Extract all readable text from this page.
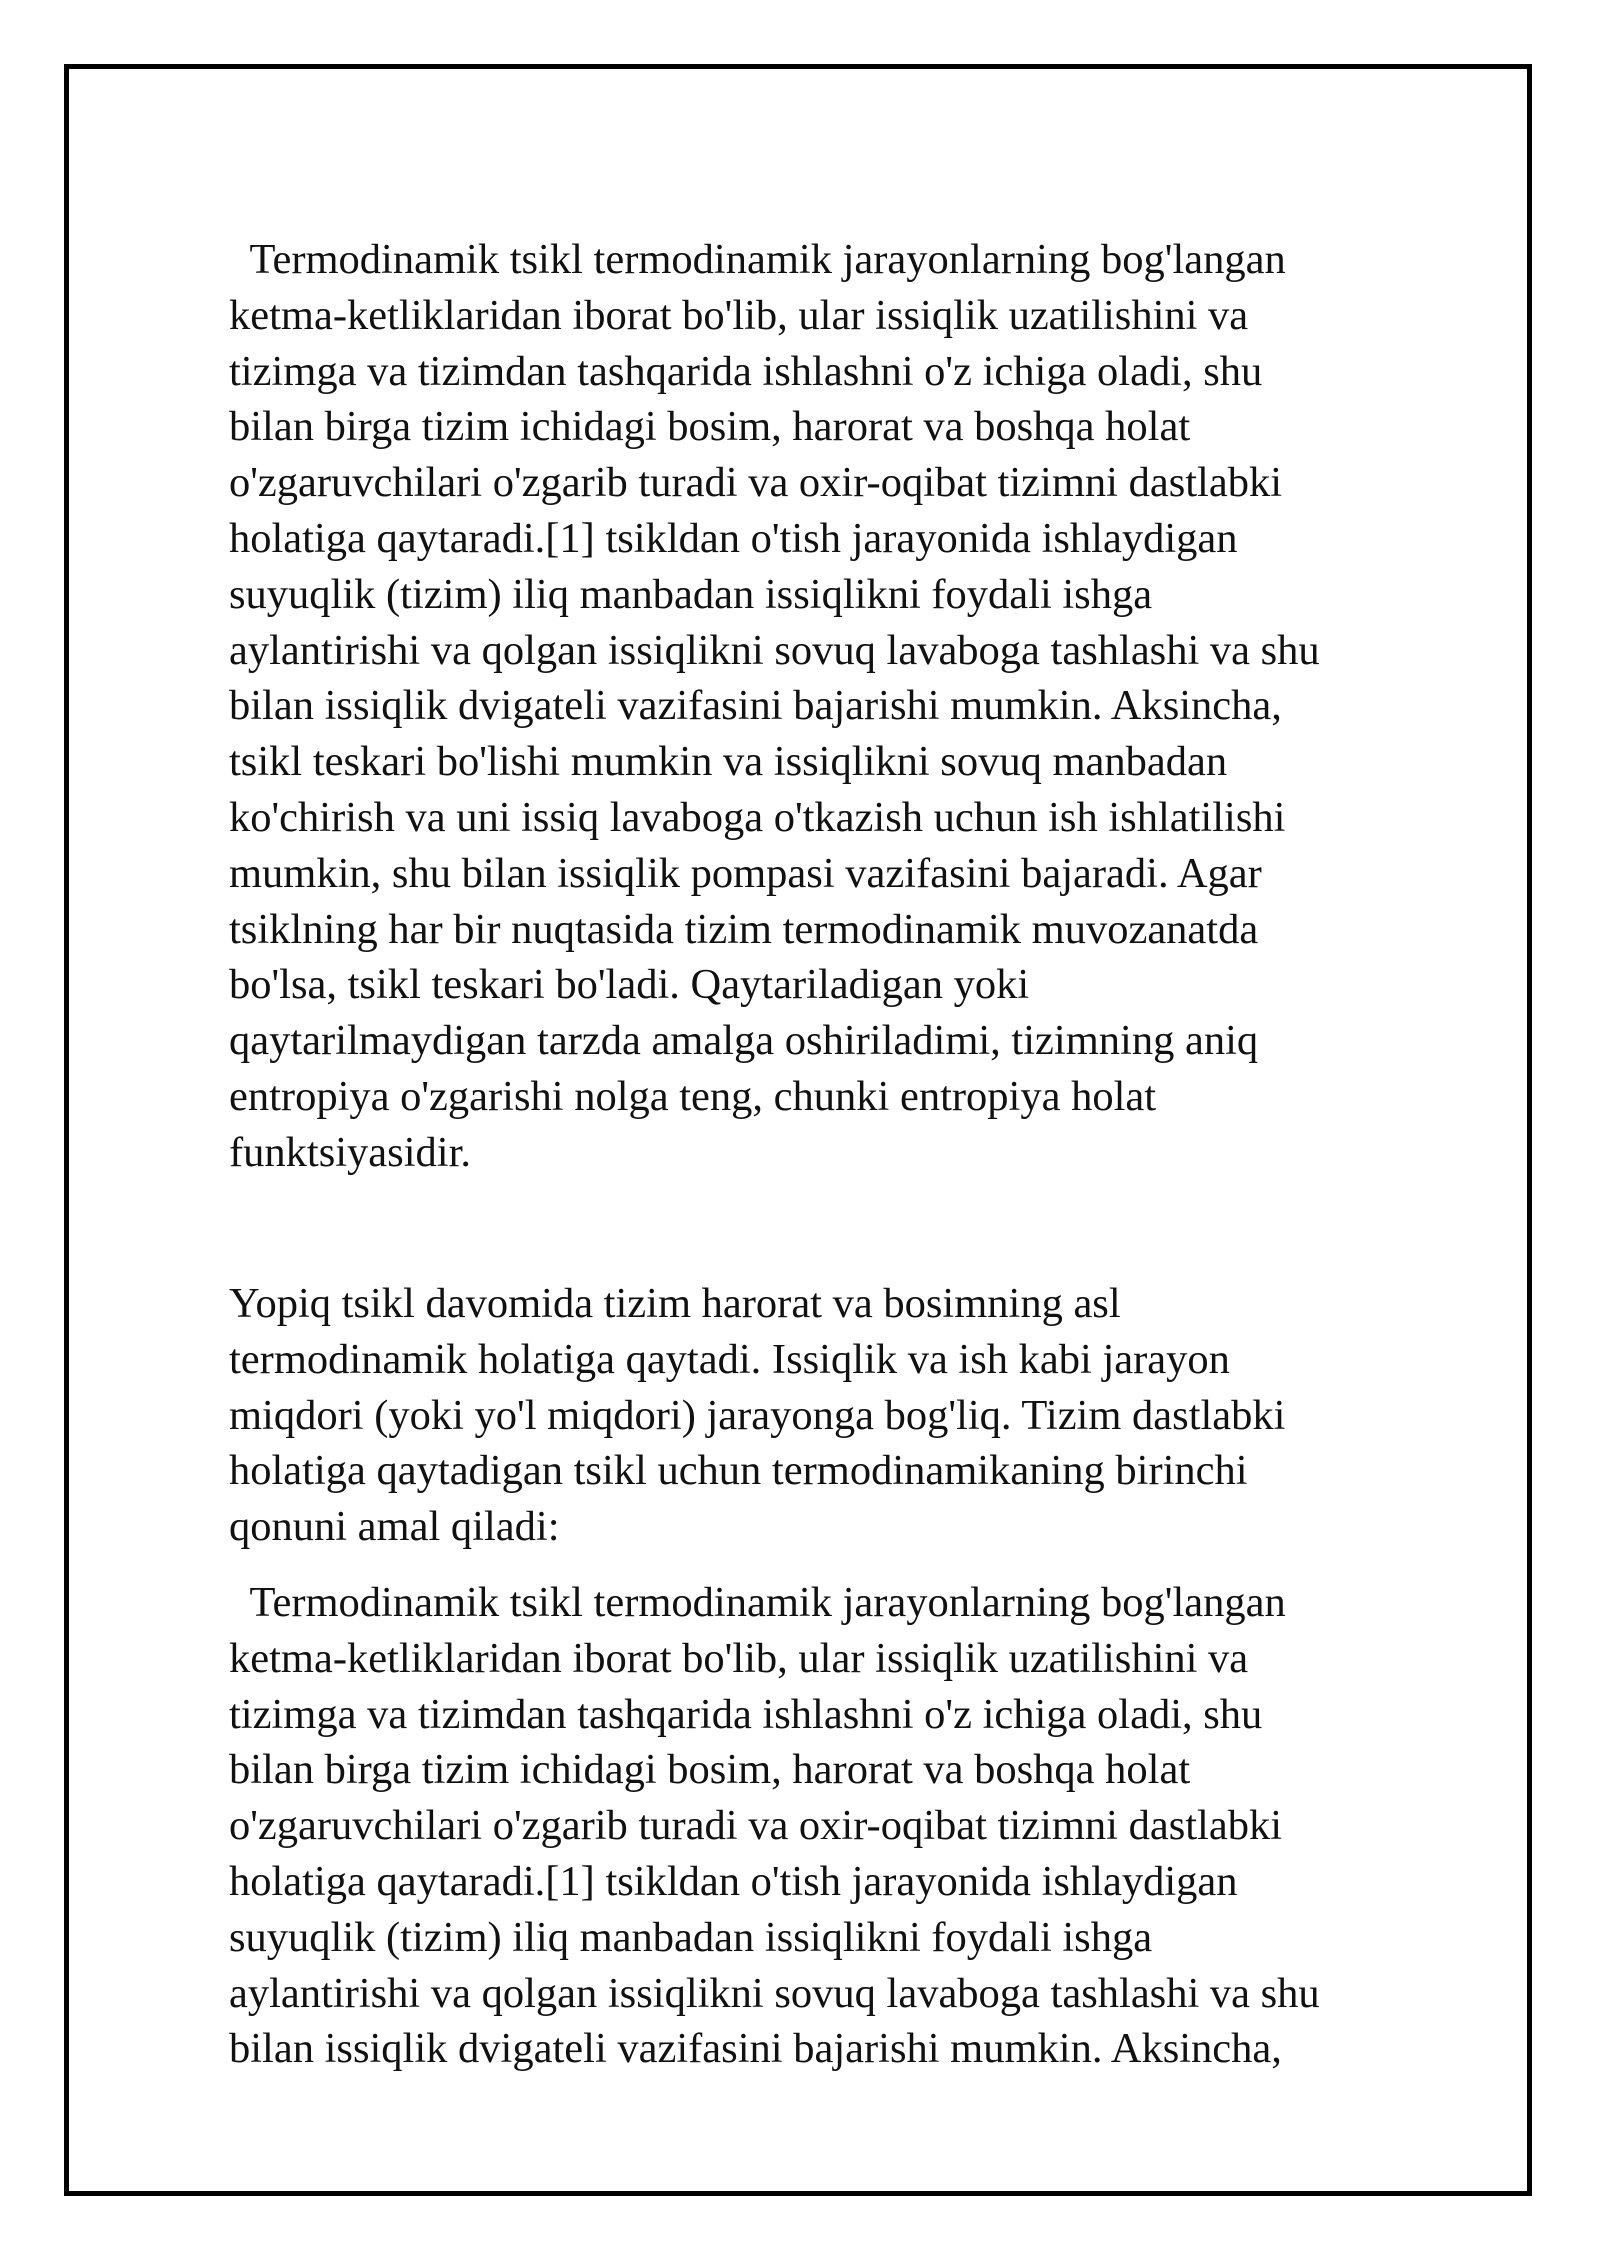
Termodinamik tsikl termodinamik jarayonlarning bog'langan
ketma-ketliklaridan iborat bo'lib, ular issiqlik uzatilishini va
tizimga va tizimdan tashqarida ishlashni o'z ichiga oladi, shu
bilan birga tizim ichidagi bosim, harorat va boshqa holat
o'zgaruvchilari o'zgarib turadi va oxir-oqibat tizimni dastlabki
holatiga qaytaradi.[1] tsikldan o'tish jarayonida ishlaydigan
suyuqlik (tizim) iliq manbadan issiqlikni foydali ishga
aylantirishi va qolgan issiqlikni sovuq lavaboga tashlashi va shu
bilan issiqlik dvigateli vazifasini bajarishi mumkin. Aksincha,
tsikl teskari bo'lishi mumkin va issiqlikni sovuq manbadan
ko'chirish va uni issiq lavaboga o'tkazish uchun ish ishlatilishi
mumkin, shu bilan issiqlik pompasi vazifasini bajaradi. Agar
tsiklning har bir nuqtasida tizim termodinamik muvozanatda
bo'lsa, tsikl teskari bo'ladi. Qaytariladigan yoki
qaytarilmaydigan tarzda amalga oshiriladimi, tizimning aniq
entropiya o'zgarishi nolga teng, chunki entropiya holat
funktsiyasidir.

Yopiq tsikl davomida tizim harorat va bosimning asl
termodinamik holatiga qaytadi. Issiqlik va ish kabi jarayon
miqdori (yoki yo'l miqdori) jarayonga bog'liq. Tizim dastlabki
holatiga qaytadigan tsikl uchun termodinamikaning birinchi
qonuni amal qiladi:

Termodinamik tsikl termodinamik jarayonlarning bog'langan
ketma-ketliklaridan iborat bo'lib, ular issiqlik uzatilishini va
tizimga va tizimdan tashqarida ishlashni o'z ichiga oladi, shu
bilan birga tizim ichidagi bosim, harorat va boshqa holat
o'zgaruvchilari o'zgarib turadi va oxir-oqibat tizimni dastlabki
holatiga qaytaradi.[1] tsikldan o'tish jarayonida ishlaydigan
suyuqlik (tizim) iliq manbadan issiqlikni foydali ishga
aylantirishi va qolgan issiqlikni sovuq lavaboga tashlashi va shu
bilan issiqlik dvigateli vazifasini bajarishi mumkin. Aksincha,
